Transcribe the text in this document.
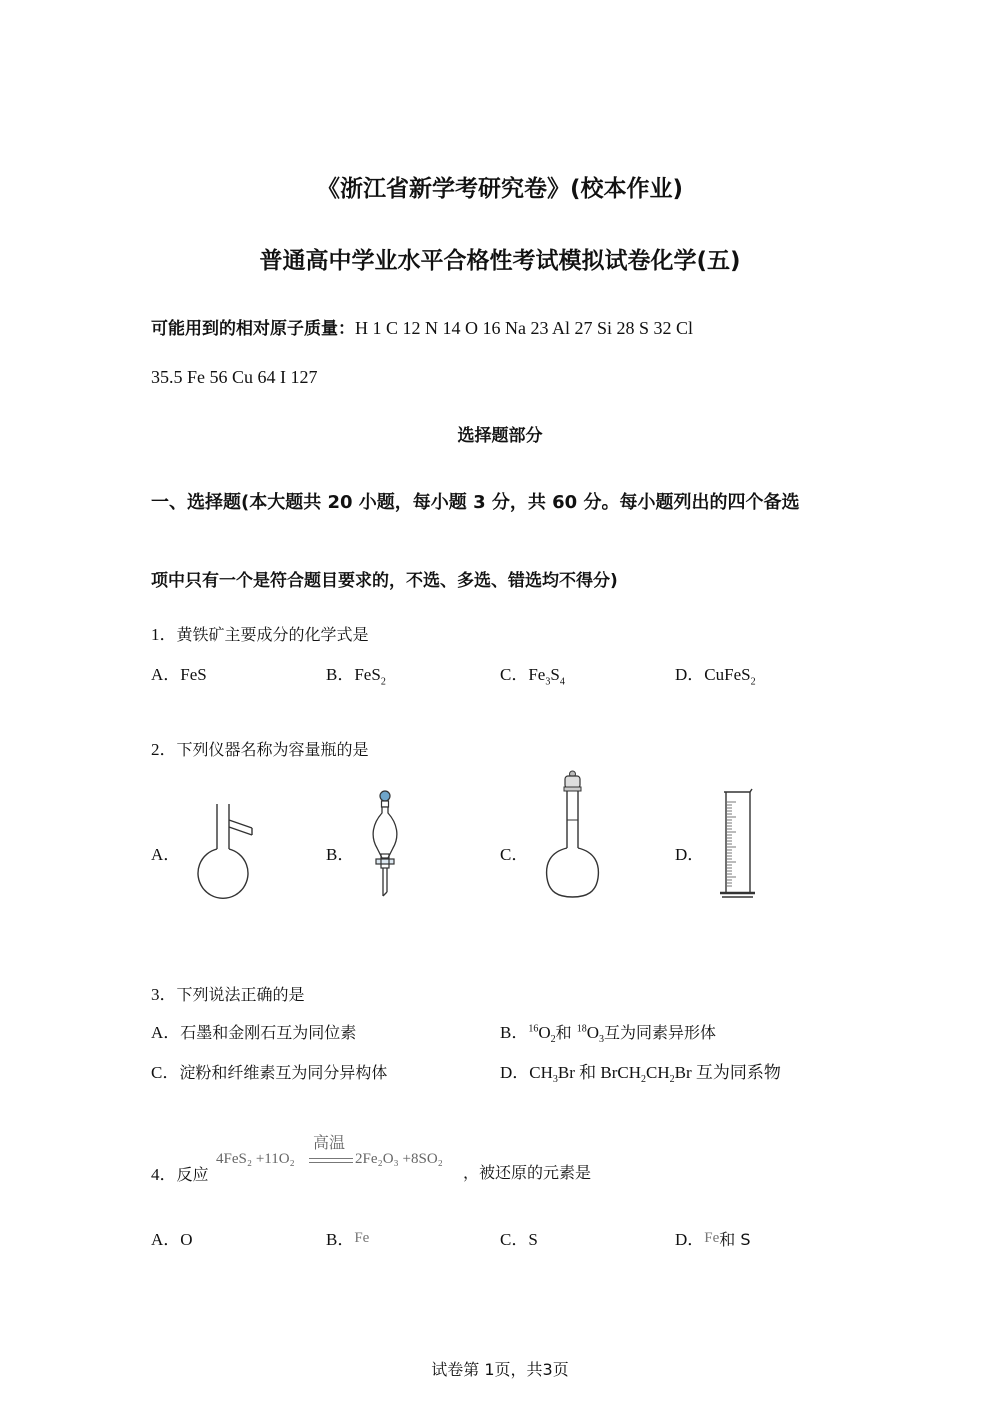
《浙江省新学考研究卷》(校本作业)
普通高中学业水平合格性考试模拟试卷化学(五)
可能用到的相对原子质量：H 1 C 12 N 14 O 16 Na 23 Al 27 Si 28 S 32 Cl
35.5 Fe 56 Cu 64 I 127
选择题部分
一、选择题(本大题共 20 小题，每小题 3 分，共 60 分。每小题列出的四个备选
项中只有一个是符合题目要求的，不选、多选、错选均不得分)
1．黄铁矿主要成分的化学式是
A．FeS	B．FeS$_2$	C．$Fe_3S_4$	D．CuFeS$_2$
2．下列仪器名称为容量瓶的是
A．	B．	C．	D．
3．下列说法正确的是
A．石墨和金刚石互为同位素	B．$^{16}O_2$和 $^{18}O_3$互为同素异形体
C．淀粉和纤维素互为同分异构体	D．$CH_3Br$ 和 $BrCH_2CH_2Br$ 互为同系物
4．反应
4FeS₂ +11O₂
高温
2Fe₂O₃ +8SO₂
，被还原的元素是
A．O	B．Fe	C．S	D．Fe和 S
试卷第 1页，共3页
